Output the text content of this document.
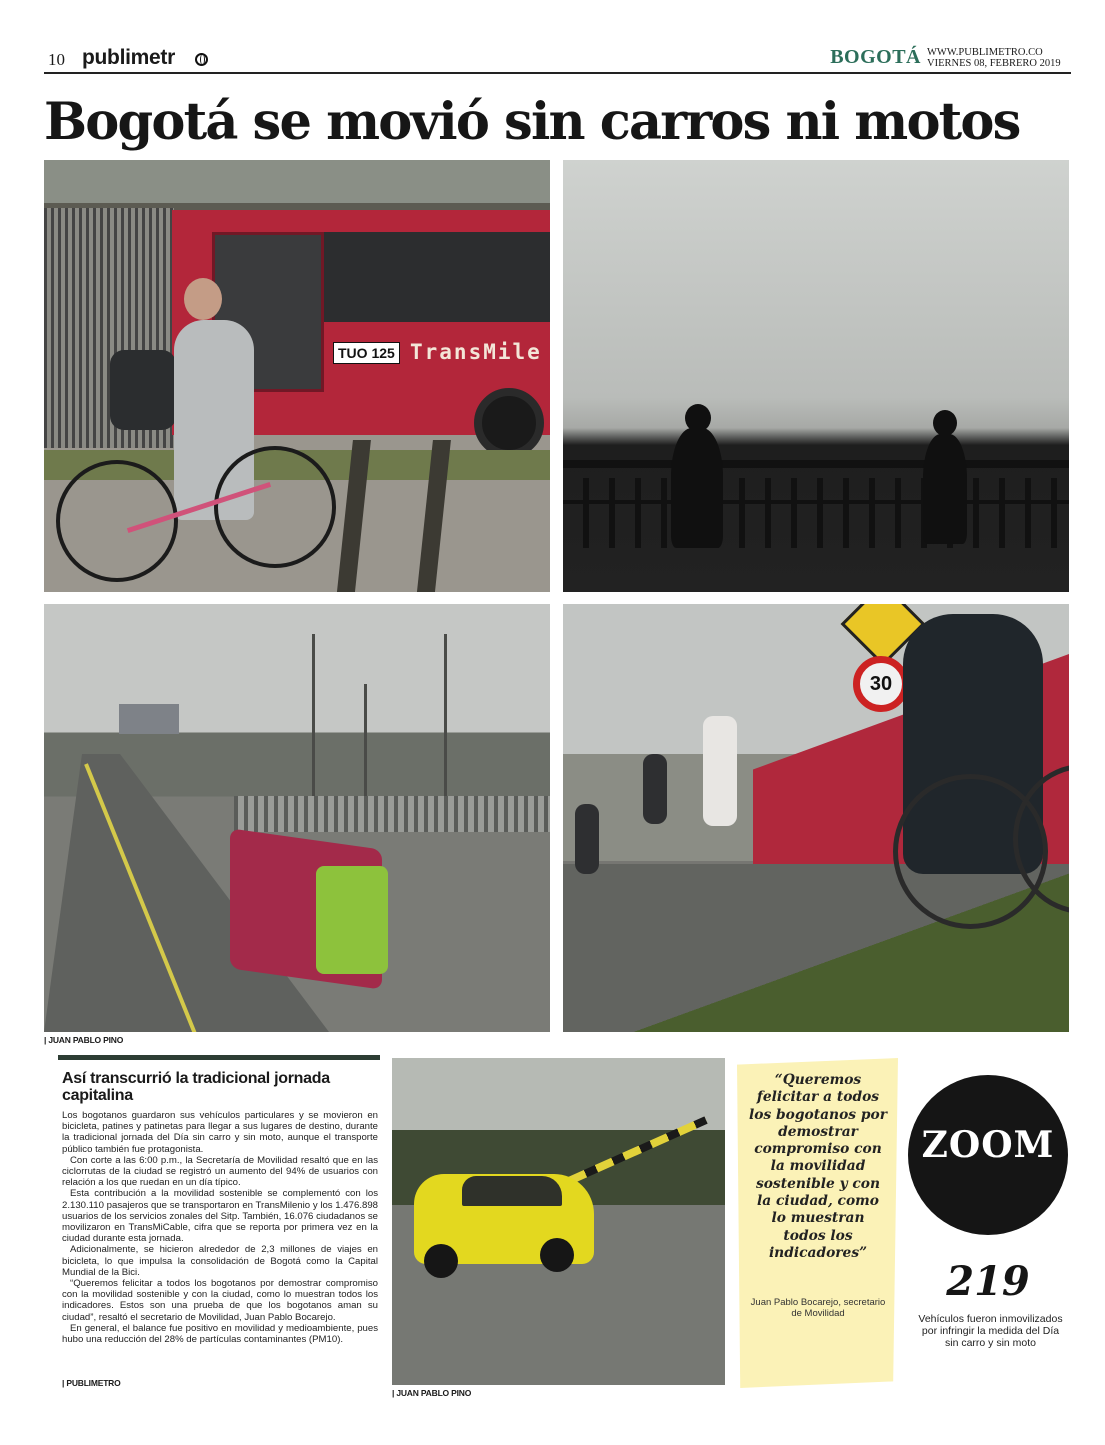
10 publimetr	BOGOTÁ WWW.PUBLIMETRO.CO
VIERNES 08, FEBRERO 2019
Bogotá se movió sin carros ni motos
TUO 125 TransMile
30
| JUAN PABLO PINO
Así transcurrió la tradicional jornada capitalina

Los bogotanos guardaron sus vehículos particulares y se movieron en bicicleta, patines y patinetas para llegar a sus lugares de destino, durante la tradicional jornada del Día sin carro y sin moto, aunque el transporte público también fue protagonista.

Con corte a las 6:00 p.m., la Secretaría de Movilidad resaltó que en las ciclorrutas de la ciudad se registró un aumento del 94% de usuarios con relación a los que ruedan en un día típico.

Esta contribución a la movilidad sostenible se complementó con los 2.130.110 pasajeros que se transportaron en TransMilenio y los 1.476.898 usuarios de los servicios zonales del Sitp. También, 16.076 ciudadanos se movilizaron en TransMiCable, cifra que se reporta por primera vez en la ciudad durante esta jornada.

Adicionalmente, se hicieron alrededor de 2,3 millones de viajes en bicicleta, lo que impulsa la consolidación de Bogotá como la Capital Mundial de la Bici.

“Queremos felicitar a todos los bogotanos por demostrar compromiso con la movilidad sostenible y con la ciudad, como lo muestran todos los indicadores. Estos son una prueba de que los bogotanos aman su ciudad”, resaltó el secretario de Movilidad, Juan Pablo Bocarejo.

En general, el balance fue positivo en movilidad y medioambiente, pues hubo una reducción del 28% de partículas contaminantes (PM10).

| PUBLIMETRO
| JUAN PABLO PINO
“Queremos felicitar a todos los bogotanos por demostrar compromiso con la movilidad sostenible y con la ciudad, como lo muestran todos los indicadores”
Juan Pablo Bocarejo, secretario de Movilidad
ZOOM
219
Vehículos fueron inmovilizados por infringir la medida del Día sin carro y sin moto
